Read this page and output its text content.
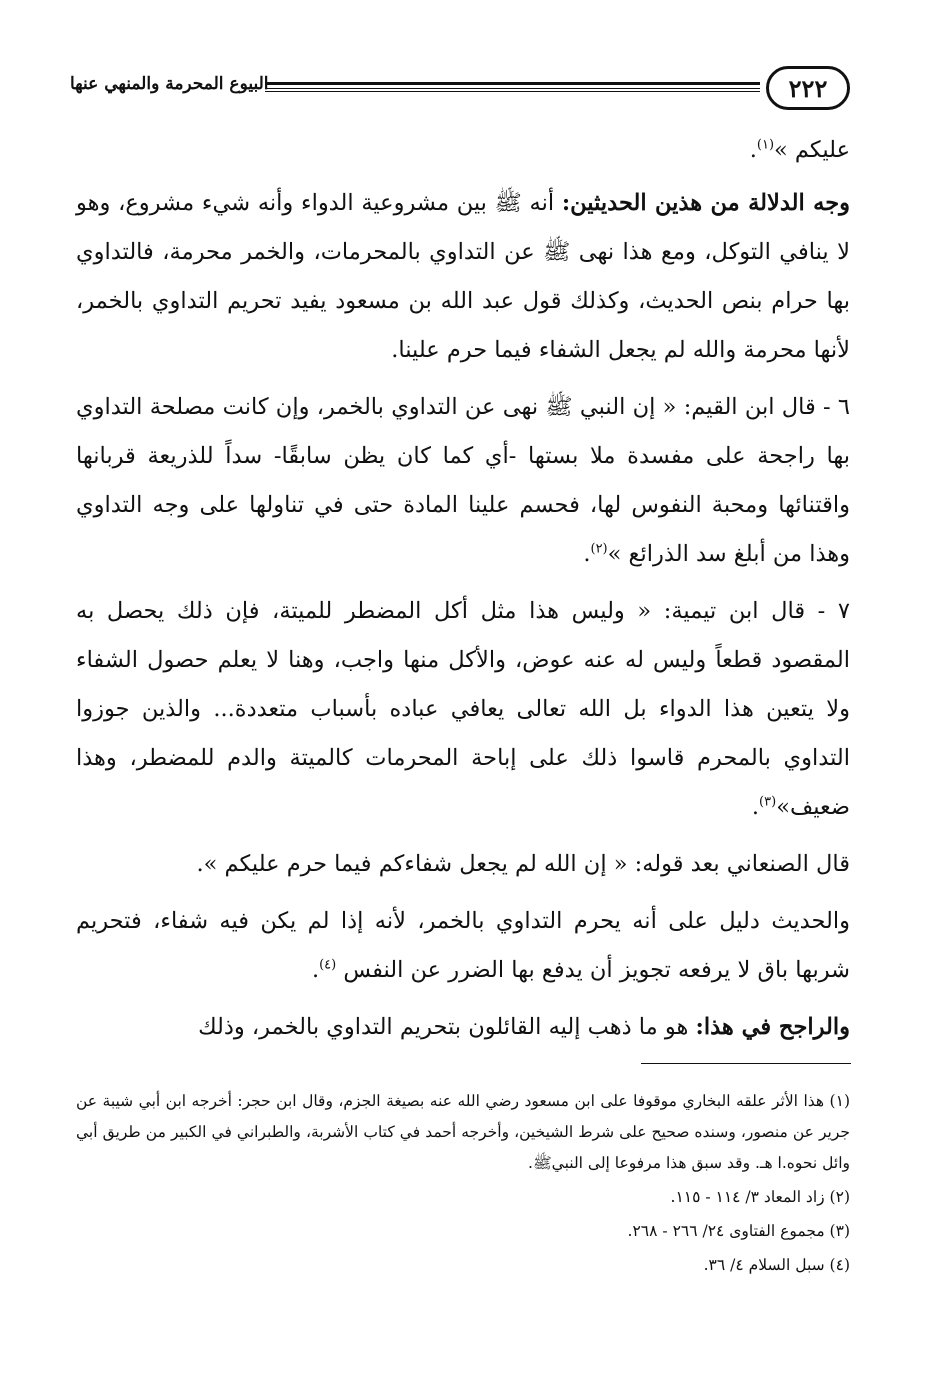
البيوع المحرمة والمنهي عنها	٢٢٢

عليكم »$^{(١)}$.

وجه الدلالة من هذين الحديثين: أنه ﷺ بين مشروعية الدواء وأنه شيء مشروع، وهو لا ينافي التوكل، ومع هذا نهى ﷺ عن التداوي بالمحرمات، والخمر محرمة، فالتداوي بها حرام بنص الحديث، وكذلك قول عبد الله بن مسعود يفيد تحريم التداوي بالخمر، لأنها محرمة والله لم يجعل الشفاء فيما حرم علينا.

٦ - قال ابن القيم: « إن النبي ﷺ نهى عن التداوي بالخمر، وإن كانت مصلحة التداوي بها راجحة على مفسدة ملا بستها -أي كما كان يظن سابقًا- سداً للذريعة قربانها واقتنائها ومحبة النفوس لها، فحسم علينا المادة حتى في تناولها على وجه التداوي وهذا من أبلغ سد الذرائع »$^{(٢)}$.

٧ - قال ابن تيمية: « وليس هذا مثل أكل المضطر للميتة، فإن ذلك يحصل به المقصود قطعاً وليس له عنه عوض، والأكل منها واجب، وهنا لا يعلم حصول الشفاء ولا يتعين هذا الدواء بل الله تعالى يعافي عباده بأسباب متعددة... والذين جوزوا التداوي بالمحرم قاسوا ذلك على إباحة المحرمات كالميتة والدم للمضطر، وهذا ضعيف»$^{(٣)}$.

قال الصنعاني بعد قوله: « إن الله لم يجعل شفاءكم فيما حرم عليكم ».

والحديث دليل على أنه يحرم التداوي بالخمر، لأنه إذا لم يكن فيه شفاء، فتحريم شربها باق لا يرفعه تجويز أن يدفع بها الضرر عن النفس $^{(٤)}$.

والراجح في هذا: هو ما ذهب إليه القائلون بتحريم التداوي بالخمر، وذلك

(١) هذا الأثر علقه البخاري موقوفا على ابن مسعود رضي الله عنه بصيغة الجزم، وقال ابن حجر: أخرجه ابن أبي شيبة عن جرير عن منصور، وسنده صحيح على شرط الشيخين، وأخرجه أحمد في كتاب الأشربة، والطبراني في الكبير من طريق أبي وائل نحوه.ا هـ. وقد سبق هذا مرفوعا إلى النبيﷺ.

(٢) زاد المعاد ٣/ ١١٤ - ١١٥.

(٣) مجموع الفتاوى ٢٤/ ٢٦٦ - ٢٦٨.

(٤) سبل السلام ٤/ ٣٦.
